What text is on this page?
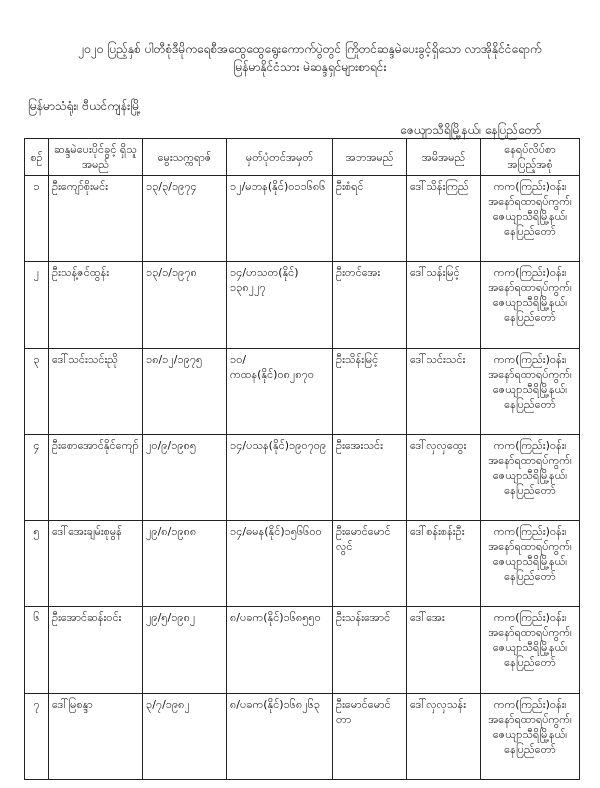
၂၀၂၀ ပြည့်နှစ် ပါတီစုံဒီမိုကရေစီအထွေထွေရွေးကောက်ပွဲတွင် ကြိုတင်ဆန္ဒမဲပေးခွင့်ရှိသော လာအိုနိုင်ငံရောက်
မြန်မာနိုင်ငံသား မဲဆန္ဒရှင်များစာရင်း
မြန်မာသံရုံး၊ ဗီယင်ကျန်းမြို့
ဇေယျာသီရိမြို့နယ်၊ နေပြည်တော်
စဉ်	ဆန္ဒမဲပေးပိုင်ခွင့် ရှိသူအမည်	မွေးသက္ကရာဇ်	မှတ်ပုံတင်အမှတ်	အဘအမည်	အမိအမည်	နေရပ်လိပ်စာ အပြည့်အစုံ
၁	ဦးကျော်စိုးမင်း	၁၃/၃/၁၉၇၄	၁၂/မဘန(နိုင်)၀၁၁၆၈၆	ဦးစံရင်	ဒေါ်သိန်းကြည်	ကက(ကြည်း)ဝန်း၊
အနော်ရထာရပ်ကွက်၊
ဇေယျာသီရိမြို့နယ်၊
နေပြည်တော်

၂	ဦးသန့်ဇင်ထွန်း	၁၃/၁/၁၉၇၈	၁၄/ဟသတ(နိုင်) ၁၃၈၂၂၇	ဦးတင်အေး	ဒေါ်သန်းမြင့်	ကက(ကြည်း)ဝန်း၊
အနော်ရထာရပ်ကွက်၊
ဇေယျာသီရိမြို့နယ်၊
နေပြည်တော်

၃	ဒေါ်သင်းသင်းညို	၁၈/၁၂/၁၉၇၅	၁၀/ကထန(နိုင်)၀၈၂၈၇၀	ဦးသိန်းမြင့်	ဒေါ်သင်းသင်း	ကက(ကြည်း)ဝန်း၊
အနော်ရထာရပ်ကွက်၊
ဇေယျာသီရိမြို့နယ်၊
နေပြည်တော်

၄	ဦးစောအောင်နိုင်ကျော်	၂၀/၉/၁၉၈၅	၁၄/ပသန(နိုင်)၁၉၀၇၀၉	ဦးအေးသင်း	ဒေါ်လှလှထွေး	ကက(ကြည်း)ဝန်း၊
အနော်ရထာရပ်ကွက်၊
ဇေယျာသီရိမြို့နယ်၊
နေပြည်တော်

၅	ဒေါ်အေးချမ်းစုမွန်	၂၉/၈/၁၉၈၈	၁၄/ဓမန(နိုင်)၁၅၆၆၀၀	ဦးမောင်မောင် လွင်	ဒေါ်စန်းစန်းဦး	ကက(ကြည်း)ဝန်း၊
အနော်ရထာရပ်ကွက်၊
ဇေယျာသီရိမြို့နယ်၊
နေပြည်တော်

၆	ဦးအောင်ဆန်းဝင်း	၂၉/၅/၁၉၈၂	၈/ပခက(နိုင်)၁၆၈၅၅၀	ဦးသန်းအောင်	ဒေါ်အေး	ကက(ကြည်း)ဝန်း၊
အနော်ရထာရပ်ကွက်၊
ဇေယျာသီရိမြို့နယ်၊
နေပြည်တော်

၇	ဒေါ်မြစန္ဒာ	၃/၇/၁၉၈၂	၈/ပခက(နိုင်)၁၆၈၂၆၃	ဦးမောင်မောင် တာ	ဒေါ်လှလှသန်း	ကက(ကြည်း)ဝန်း၊
အနော်ရထာရပ်ကွက်၊
ဇေယျာသီရိမြို့နယ်၊
နေပြည်တော်
